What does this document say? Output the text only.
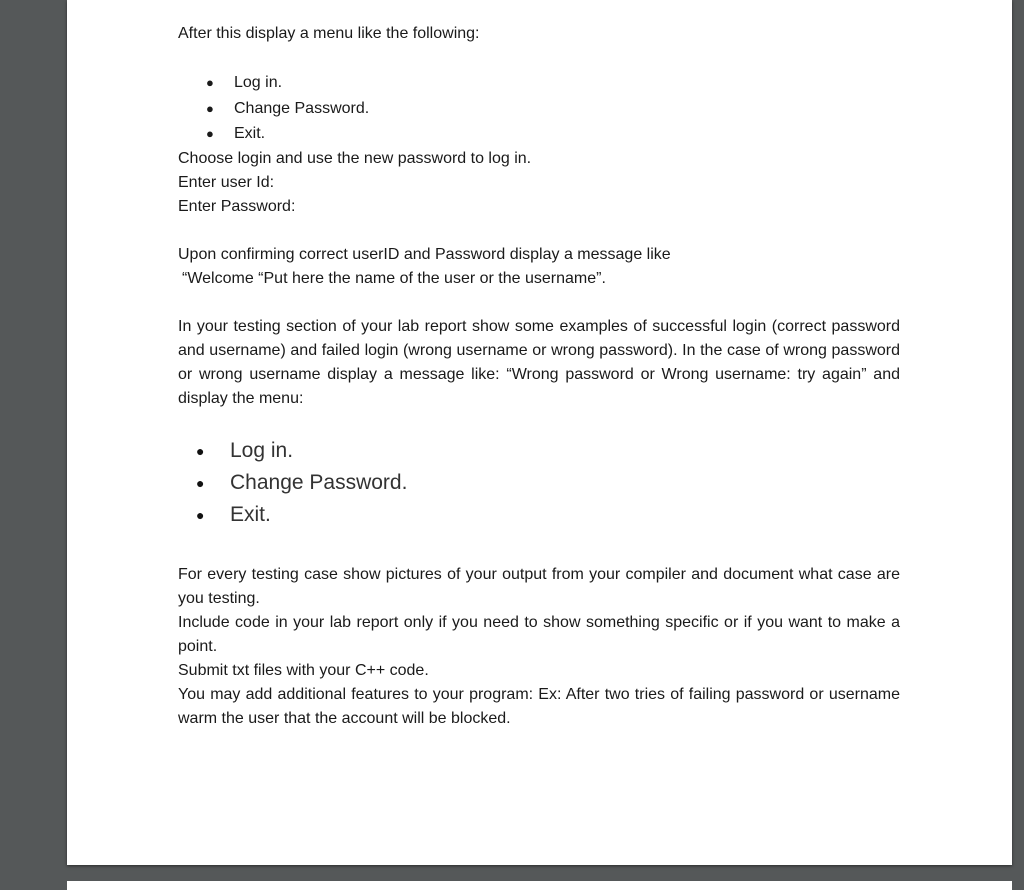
After this display a menu like the following:

● Log in.
● Change Password.
● Exit.

Choose login and use the new password to log in.

Enter user Id:

Enter Password:

Upon confirming correct userID and Password display a message like

“Welcome “Put here the name of the user or the username”.

In your testing section of your lab report show some examples of successful login (correct password and username) and failed login (wrong username or wrong password). In the case of wrong password or wrong username display a message like: “Wrong password or Wrong username: try again” and display the menu:

● Log in.
● Change Password.
● Exit.

For every testing case show pictures of your output from your compiler and document what case are you testing.

Include code in your lab report only if you need to show something specific or if you want to make a point.

Submit txt files with your C++ code.

You may add additional features to your program: Ex: After two tries of failing password or username warm the user that the account will be blocked.
